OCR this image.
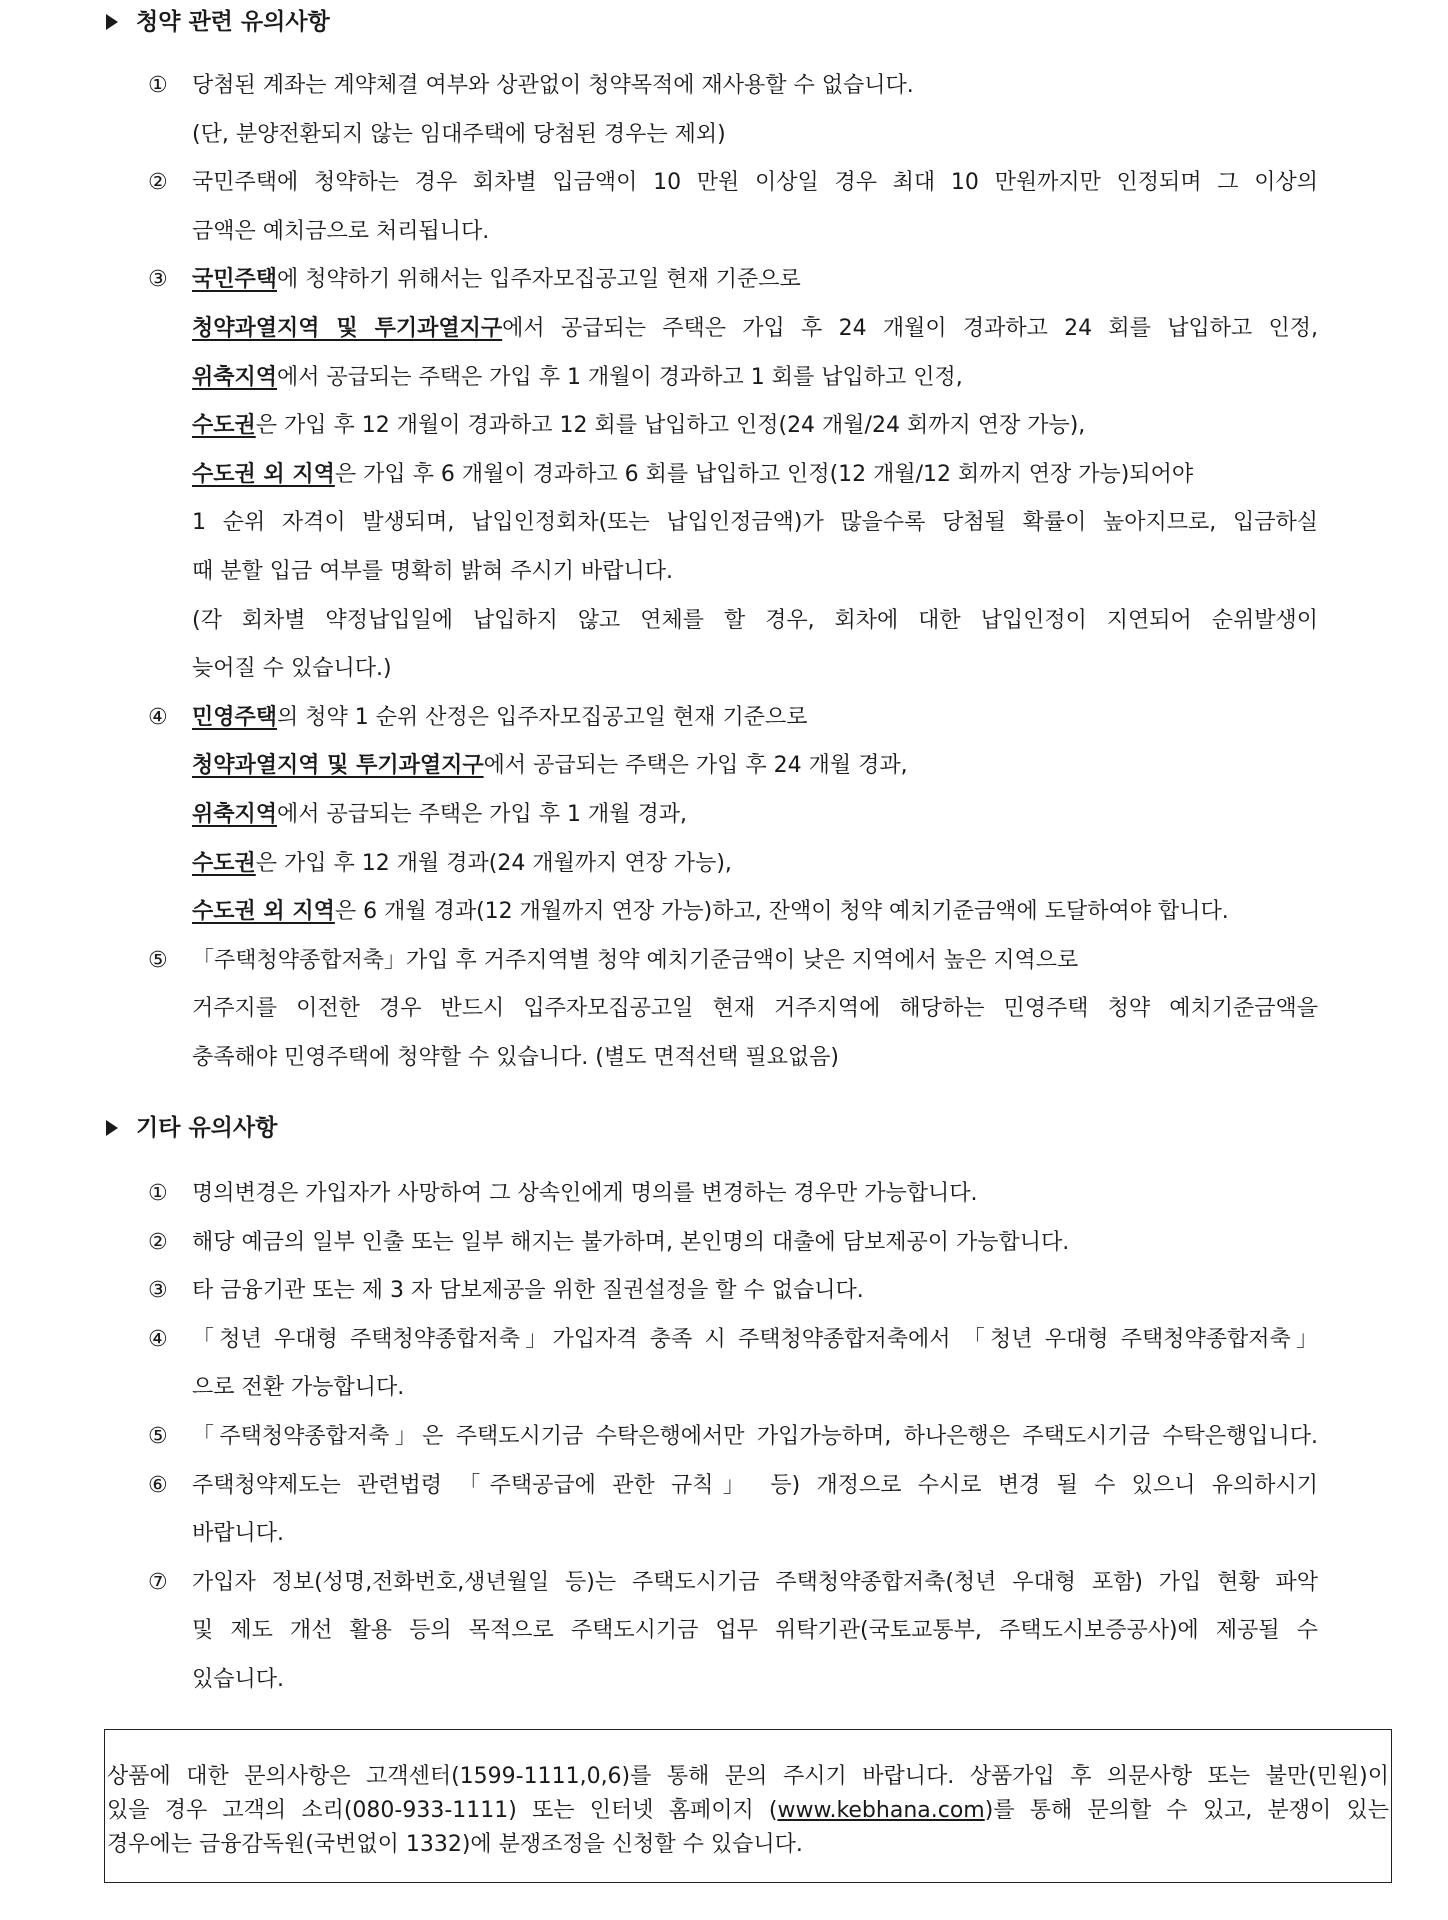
청약 관련 유의사항
①	당첨된 계좌는 계약체결 여부와 상관없이 청약목적에 재사용할 수 없습니다.
(단, 분양전환되지 않는 임대주택에 당첨된 경우는 제외)
②	국민주택에 청약하는 경우 회차별 입금액이 10 만원 이상일 경우 최대 10 만원까지만 인정되며 그 이상의
금액은 예치금으로 처리됩니다.
③	국민주택에 청약하기 위해서는 입주자모집공고일 현재 기준으로
청약과열지역 및 투기과열지구에서 공급되는 주택은 가입 후 24 개월이 경과하고 24 회를 납입하고 인정,
위축지역에서 공급되는 주택은 가입 후 1 개월이 경과하고 1 회를 납입하고 인정,
수도권은 가입 후 12 개월이 경과하고 12 회를 납입하고 인정(24 개월/24 회까지 연장 가능),
수도권 외 지역은 가입 후 6 개월이 경과하고 6 회를 납입하고 인정(12 개월/12 회까지 연장 가능)되어야
1 순위 자격이 발생되며, 납입인정회차(또는 납입인정금액)가 많을수록 당첨될 확률이 높아지므로, 입금하실
때 분할 입금 여부를 명확히 밝혀 주시기 바랍니다.
(각 회차별 약정납입일에 납입하지 않고 연체를 할 경우, 회차에 대한 납입인정이 지연되어 순위발생이
늦어질 수 있습니다.)
④	민영주택의 청약 1 순위 산정은 입주자모집공고일 현재 기준으로
청약과열지역 및 투기과열지구에서 공급되는 주택은 가입 후 24 개월 경과,
위축지역에서 공급되는 주택은 가입 후 1 개월 경과,
수도권은 가입 후 12 개월 경과(24 개월까지 연장 가능),
수도권 외 지역은 6 개월 경과(12 개월까지 연장 가능)하고, 잔액이 청약 예치기준금액에 도달하여야 합니다.
⑤	「주택청약종합저축」가입 후 거주지역별 청약 예치기준금액이 낮은 지역에서 높은 지역으로
거주지를 이전한 경우 반드시 입주자모집공고일 현재 거주지역에 해당하는 민영주택 청약 예치기준금액을
충족해야 민영주택에 청약할 수 있습니다. (별도 면적선택 필요없음)
기타 유의사항
①	명의변경은 가입자가 사망하여 그 상속인에게 명의를 변경하는 경우만 가능합니다.
②	해당 예금의 일부 인출 또는 일부 해지는 불가하며, 본인명의 대출에 담보제공이 가능합니다.
③	타 금융기관 또는 제 3 자 담보제공을 위한 질권설정을 할 수 없습니다.
④	「청년 우대형 주택청약종합저축」가입자격 충족 시 주택청약종합저축에서 「청년 우대형 주택청약종합저축」
으로 전환 가능합니다.
⑤	「주택청약종합저축」은 주택도시기금 수탁은행에서만 가입가능하며, 하나은행은 주택도시기금 수탁은행입니다.
⑥	주택청약제도는 관련법령 「주택공급에 관한 규칙」 등) 개정으로 수시로 변경 될 수 있으니 유의하시기
바랍니다.
⑦	가입자 정보(성명,전화번호,생년월일 등)는 주택도시기금 주택청약종합저축(청년 우대형 포함) 가입 현황 파악
및 제도 개선 활용 등의 목적으로 주택도시기금 업무 위탁기관(국토교통부, 주택도시보증공사)에 제공될 수
있습니다.
상품에 대한 문의사항은 고객센터(1599-1111,0,6)를 통해 문의 주시기 바랍니다. 상품가입 후 의문사항 또는 불만(민원)이
있을 경우 고객의 소리(080-933-1111) 또는 인터넷 홈페이지 (www.kebhana.com)를 통해 문의할 수 있고, 분쟁이 있는
경우에는 금융감독원(국번없이 1332)에 분쟁조정을 신청할 수 있습니다.
